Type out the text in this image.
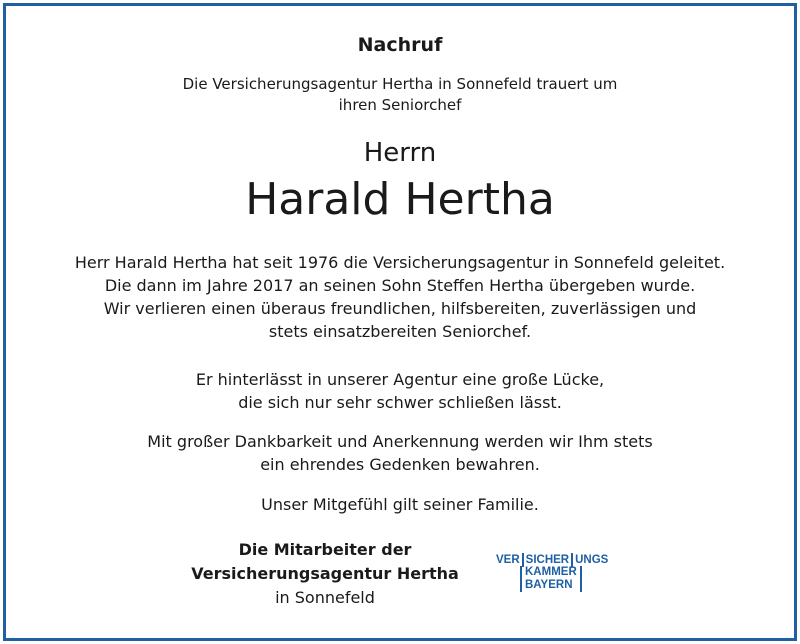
Nachruf
Die Versicherungsagentur Hertha in Sonnefeld trauert um
ihren Seniorchef
Herrn
Harald Hertha
Herr Harald Hertha hat seit 1976 die Versicherungsagentur in Sonnefeld geleitet.
Die dann im Jahre 2017 an seinen Sohn Steffen Hertha übergeben wurde.
Wir verlieren einen überaus freundlichen, hilfsbereiten, zuverlässigen und
stets einsatzbereiten Seniorchef.
Er hinterlässt in unserer Agentur eine große Lücke,
die sich nur sehr schwer schließen lässt.
Mit großer Dankbarkeit und Anerkennung werden wir Ihm stets
ein ehrendes Gedenken bewahren.
Unser Mitgefühl gilt seiner Familie.
Die Mitarbeiter der
Versicherungsagentur Hertha
in Sonnefeld
VER SICHER UNGS
KAMMER
BAYERN
